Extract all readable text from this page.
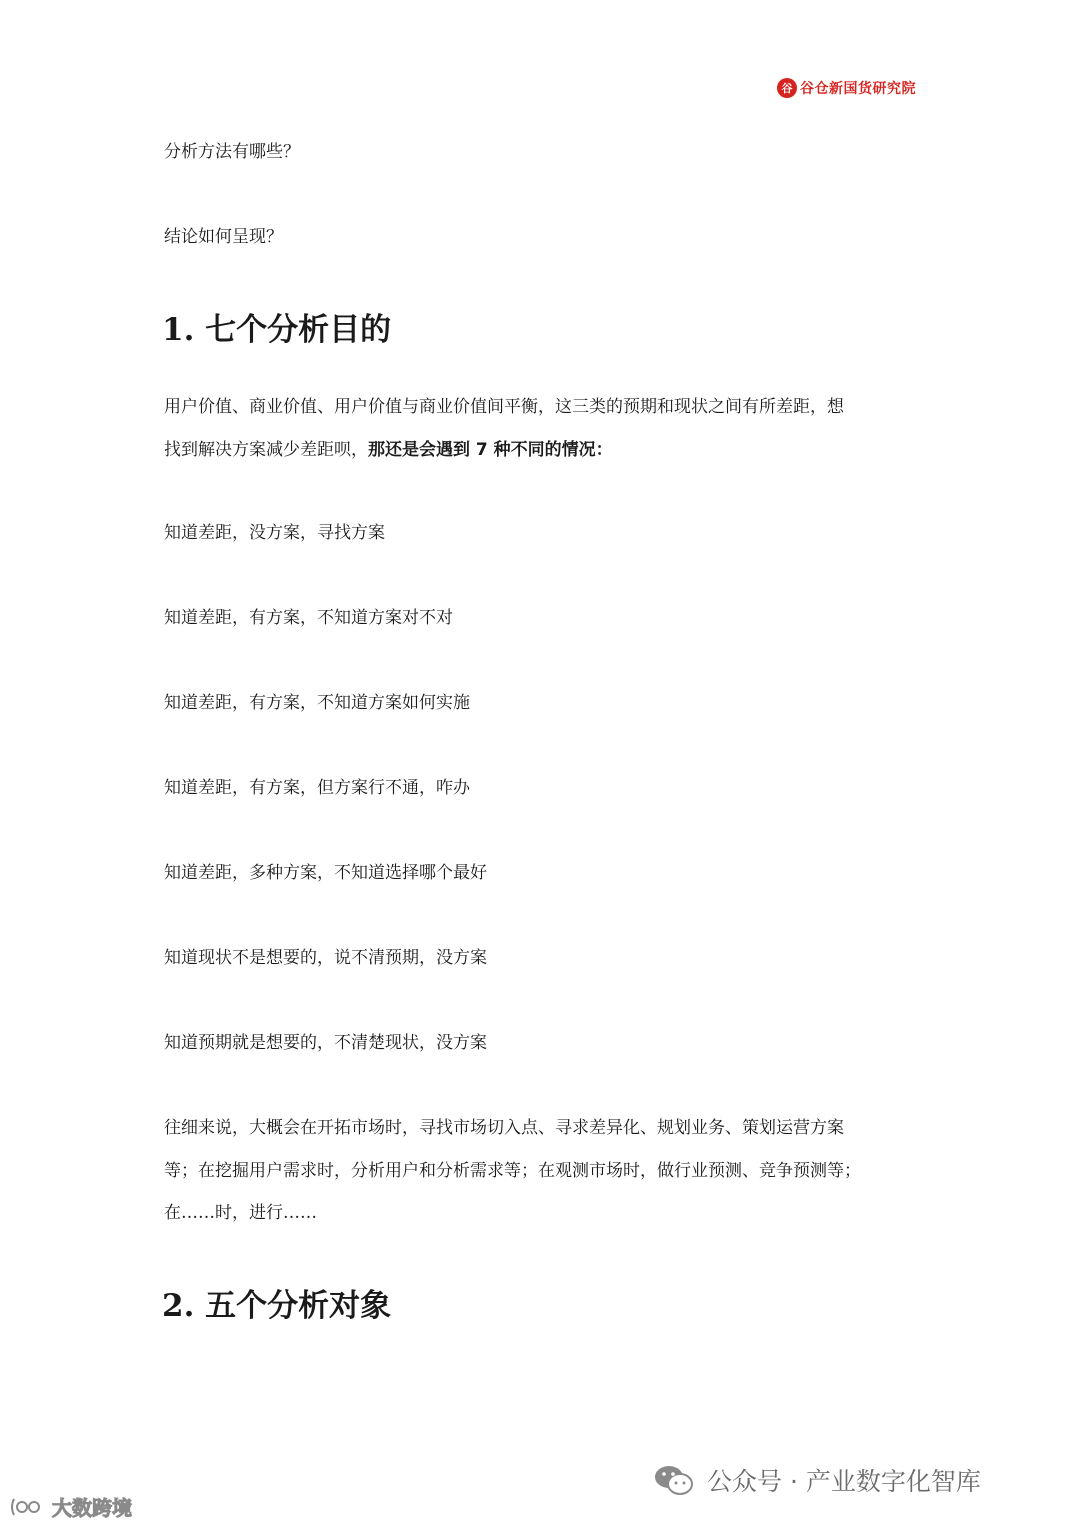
谷 谷仓新国货研究院
分析方法有哪些？
结论如何呈现？
1. 七个分析目的
用户价值、商业价值、用户价值与商业价值间平衡，这三类的预期和现状之间有所差距，想
找到解决方案减少差距呗，那还是会遇到 7 种不同的情况：
知道差距，没方案，寻找方案
知道差距，有方案，不知道方案对不对
知道差距，有方案，不知道方案如何实施
知道差距，有方案，但方案行不通，咋办
知道差距，多种方案，不知道选择哪个最好
知道现状不是想要的，说不清预期，没方案
知道预期就是想要的，不清楚现状，没方案
往细来说，大概会在开拓市场时，寻找市场切入点、寻求差异化、规划业务、策划运营方案
等；在挖掘用户需求时，分析用户和分析需求等；在观测市场时，做行业预测、竞争预测等；
在……时，进行……
2. 五个分析对象
公众号 · 产业数字化智库
大数跨境
